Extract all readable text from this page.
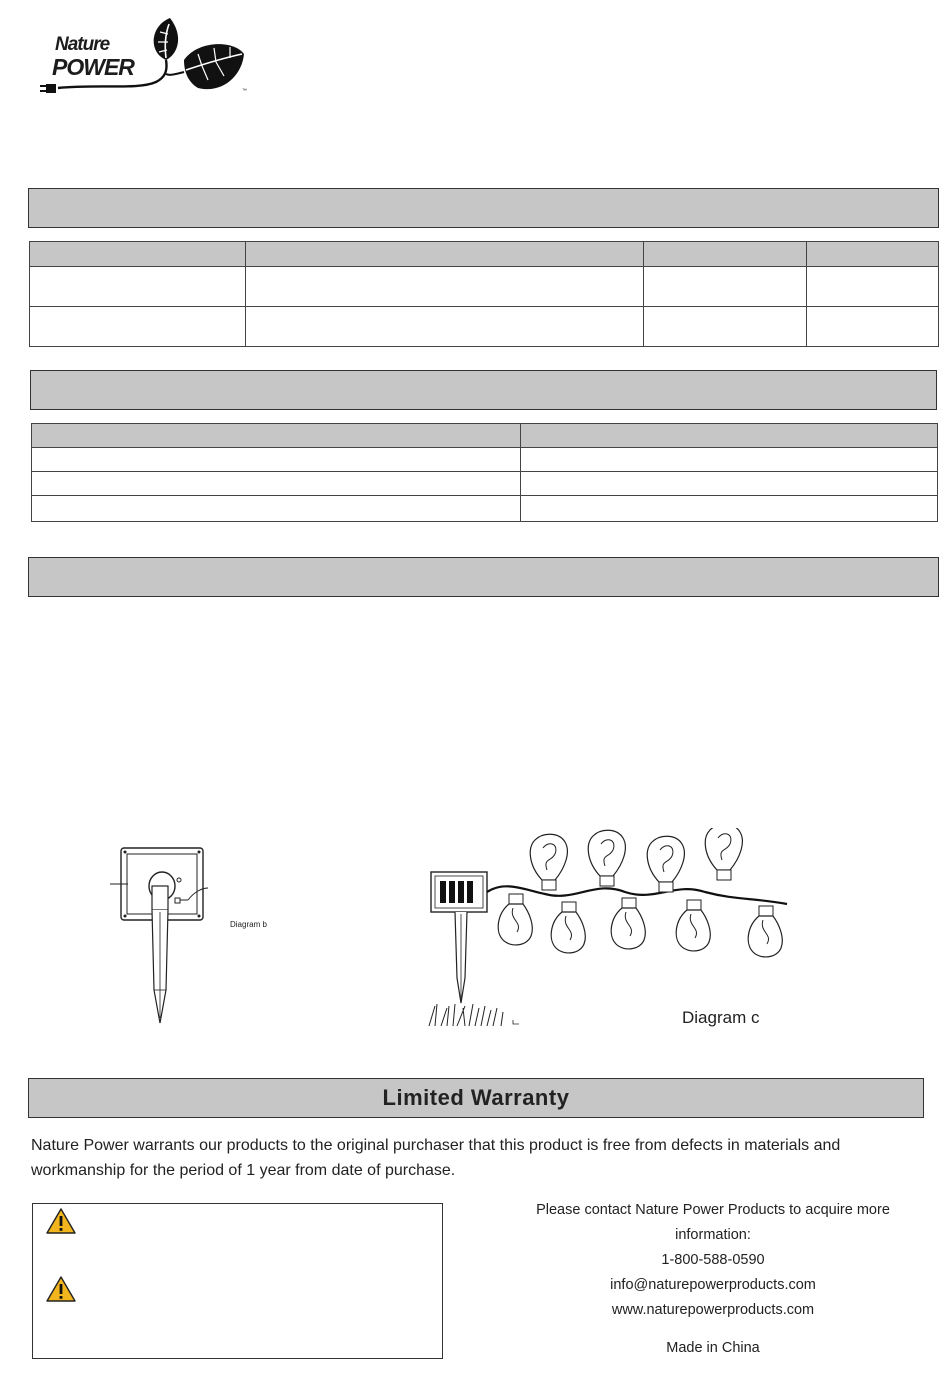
Nature
POWER
™

Diagram b
Diagram c
Limited Warranty
Nature Power warrants our products to the original purchaser that this product is free from defects in materials and workmanship for the period of 1 year from date of purchase.
Please contact Nature Power Products to acquire more
information:
1-800-588-0590
info@naturepowerproducts.com
www.naturepowerproducts.com
Made in China
